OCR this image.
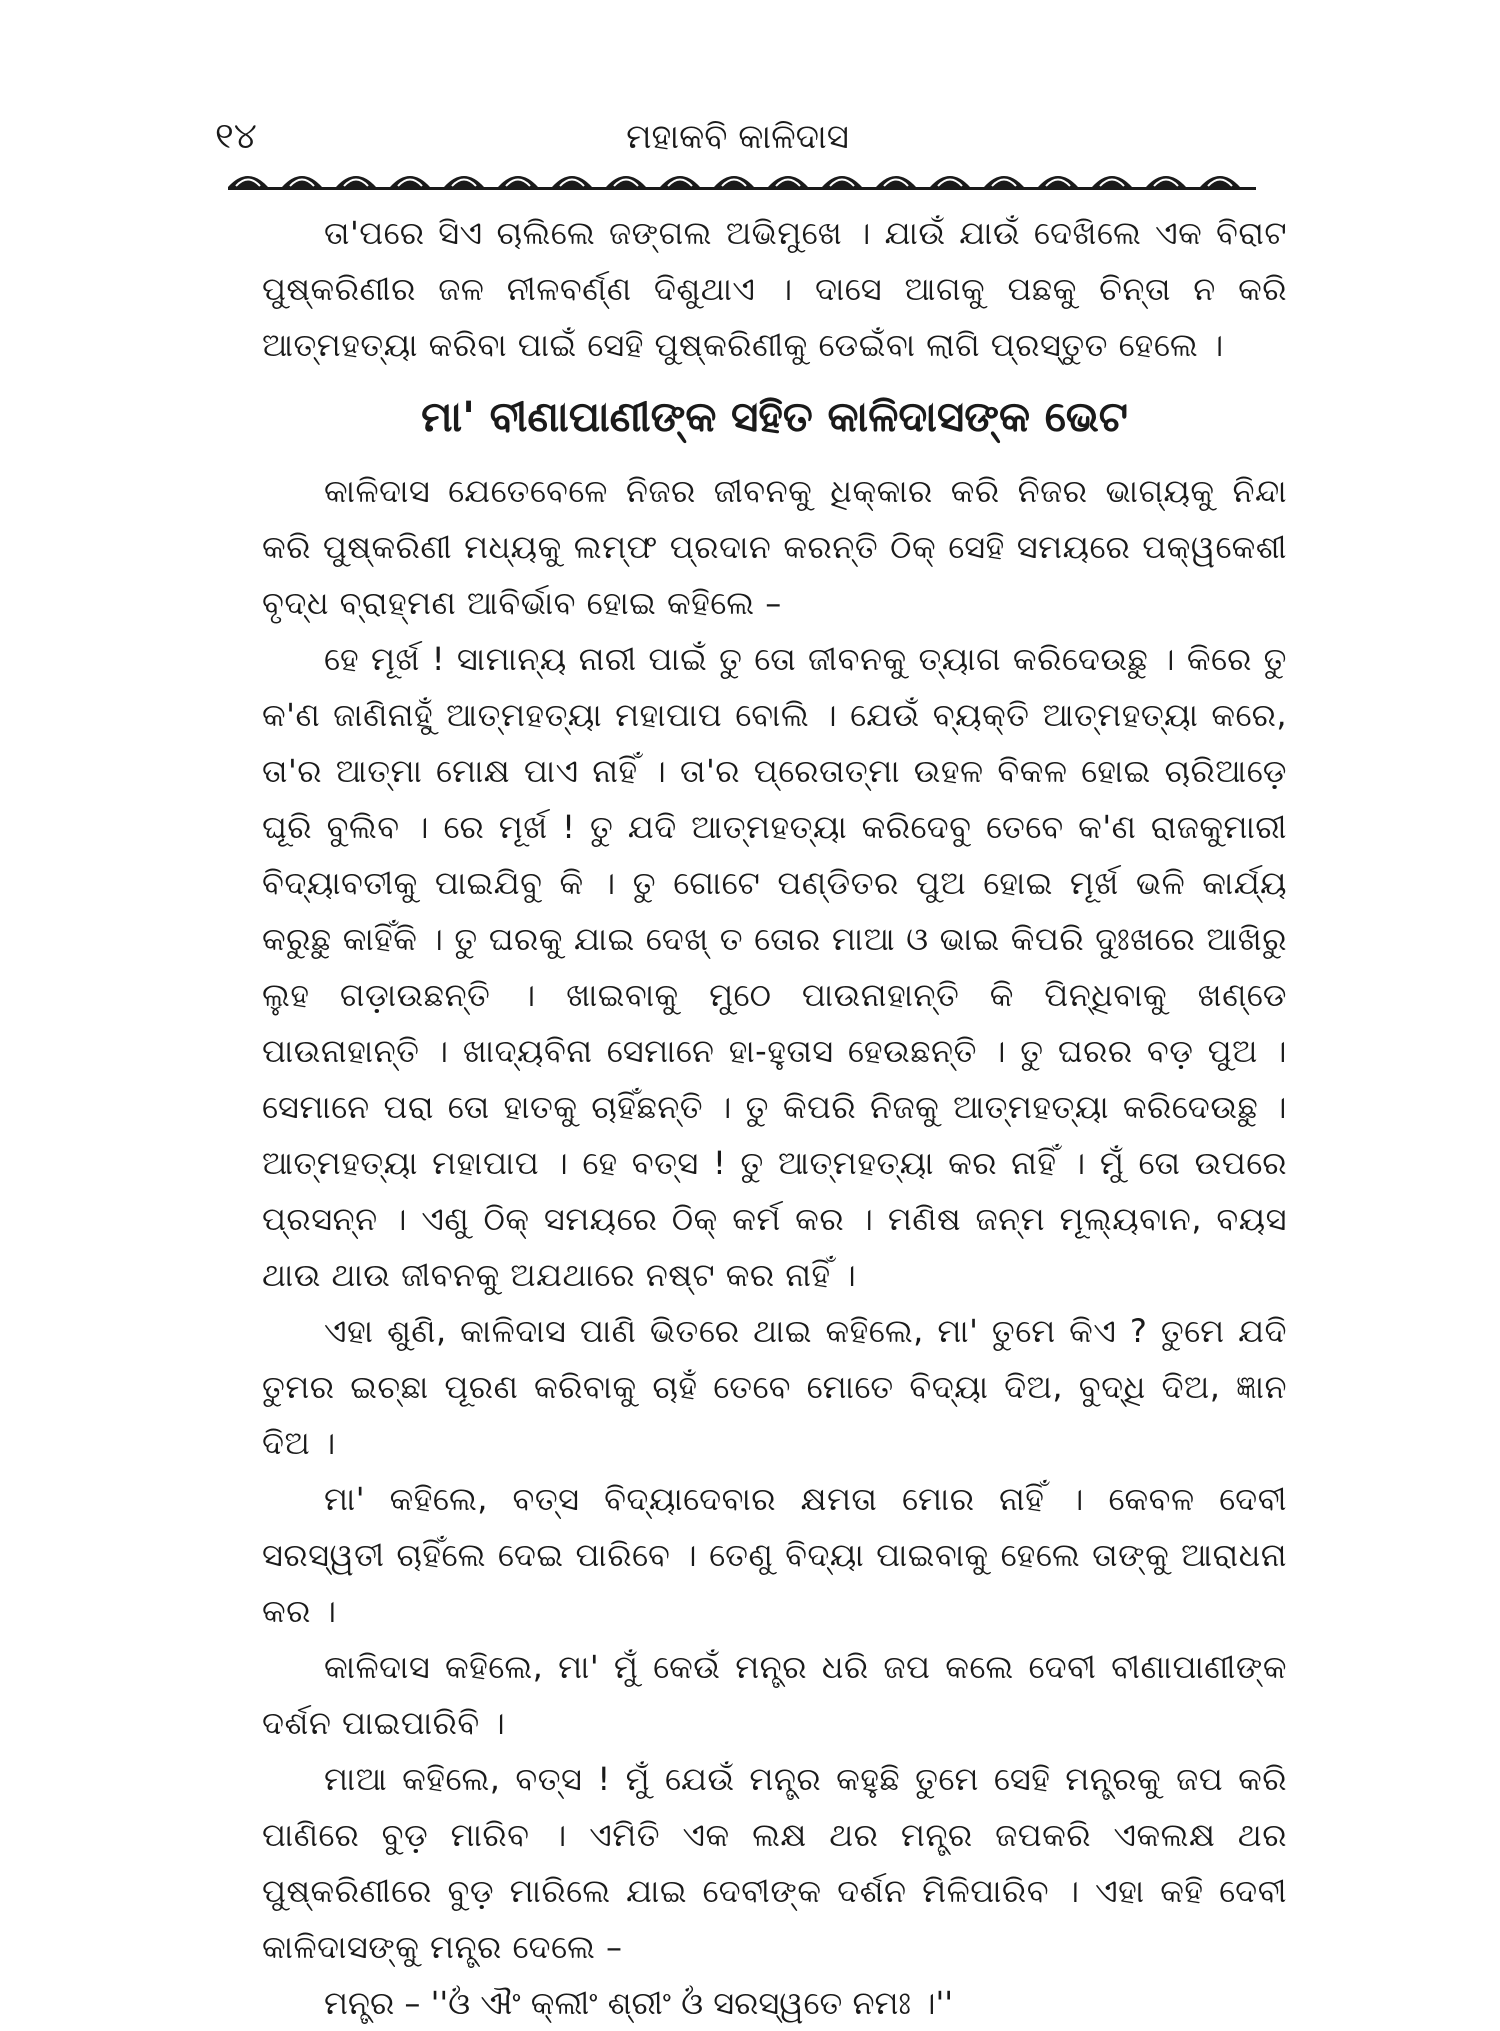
୧୪	ମହାକବି କାଳିଦାସ

ତା'ପରେ ସିଏ ଚାଲିଲେ ଜଙ୍ଗଲ ଅଭିମୁଖେ । ଯାଉଁ ଯାଉଁ ଦେଖିଲେ ଏକ ବିରାଟ ପୁଷ୍କରିଣୀର ଜଳ ନୀଳବର୍ଣ୍ଣ ଦିଶୁଥାଏ । ଦାସେ ଆଗକୁ ପଛକୁ ଚିନ୍ତା ନ କରି ଆତ୍ମହତ୍ୟା କରିବା ପାଇଁ ସେହି ପୁଷ୍କରିଣୀକୁ ଡେଇଁବା ଲାଗି ପ୍ରସ୍ତୁତ ହେଲେ ।

ମା' ବୀଣାପାଣୀଙ୍କ ସହିତ କାଳିଦାସଙ୍କ ଭେଟ

କାଳିଦାସ ଯେତେବେଳେ ନିଜର ଜୀବନକୁ ଧିକ୍କାର କରି ନିଜର ଭାଗ୍ୟକୁ ନିନ୍ଦା କରି ପୁଷ୍କରିଣୀ ମଧ୍ୟକୁ ଲମ୍ଫ ପ୍ରଦାନ କରନ୍ତି ଠିକ୍ ସେହି ସମୟରେ ପକ୍ୱକେଶୀ ବୃଦ୍ଧ ବ୍ରାହ୍ମଣ ଆବିର୍ଭାବ ହୋଇ କହିଲେ –

ହେ ମୂର୍ଖ ! ସାମାନ୍ୟ ନାରୀ ପାଇଁ ତୁ ତୋ ଜୀବନକୁ ତ୍ୟାଗ କରିଦେଉଛୁ । କିରେ ତୁ କ'ଣ ଜାଣିନାହୁଁ ଆତ୍ମହତ୍ୟା ମହାପାପ ବୋଲି । ଯେଉଁ ବ୍ୟକ୍ତି ଆତ୍ମହତ୍ୟା କରେ, ତା'ର ଆତ୍ମା ମୋକ୍ଷ ପାଏ ନାହିଁ । ତା'ର ପ୍ରେତାତ୍ମା ଉହଳ ବିକଳ ହୋଇ ଚାରିଆଡ଼େ ଘୂରି ବୁଲିବ । ରେ ମୂର୍ଖ ! ତୁ ଯଦି ଆତ୍ମହତ୍ୟା କରିଦେବୁ ତେବେ କ'ଣ ରାଜକୁମାରୀ ବିଦ୍ୟାବତୀକୁ ପାଇଯିବୁ କି । ତୁ ଗୋଟେ ପଣ୍ଡିତର ପୁଅ ହୋଇ ମୂର୍ଖ ଭଳି କାର୍ଯ୍ୟ କରୁଛୁ କାହିଁକି । ତୁ ଘରକୁ ଯାଇ ଦେଖ୍ ତ ତୋର ମାଆ ଓ ଭାଇ କିପରି ଦୁଃଖରେ ଆଖିରୁ ଲୁହ ଗଡ଼ାଉଛନ୍ତି । ଖାଇବାକୁ ମୁଠେ ପାଉନାହାନ୍ତି କି ପିନ୍ଧିବାକୁ ଖଣ୍ଡେ ପାଉନାହାନ୍ତି । ଖାଦ୍ୟବିନା ସେମାନେ ହା-ହୁତାସ ହେଉଛନ୍ତି । ତୁ ଘରର ବଡ଼ ପୁଅ । ସେମାନେ ପରା ତୋ ହାତକୁ ଚାହିଁଛନ୍ତି । ତୁ କିପରି ନିଜକୁ ଆତ୍ମହତ୍ୟା କରିଦେଉଛୁ । ଆତ୍ମହତ୍ୟା ମହାପାପ । ହେ ବତ୍ସ ! ତୁ ଆତ୍ମହତ୍ୟା କର ନାହିଁ । ମୁଁ ତୋ ଉପରେ ପ୍ରସନ୍ନ । ଏଣୁ ଠିକ୍ ସମୟରେ ଠିକ୍ କର୍ମ କର । ମଣିଷ ଜନ୍ମ ମୂଲ୍ୟବାନ, ବୟସ ଥାଉ ଥାଉ ଜୀବନକୁ ଅଯଥାରେ ନଷ୍ଟ କର ନାହିଁ ।

ଏହା ଶୁଣି, କାଳିଦାସ ପାଣି ଭିତରେ ଥାଇ କହିଲେ, ମା' ତୁମେ କିଏ ? ତୁମେ ଯଦି ତୁମର ଇଚ୍ଛା ପୂରଣ କରିବାକୁ ଚାହଁ ତେବେ ମୋତେ ବିଦ୍ୟା ଦିଅ, ବୁଦ୍ଧି ଦିଅ, ଜ୍ଞାନ ଦିଅ ।

ମା' କହିଲେ, ବତ୍ସ ବିଦ୍ୟାଦେବାର କ୍ଷମତା ମୋର ନାହିଁ । କେବଳ ଦେବୀ ସରସ୍ୱତୀ ଚାହିଁଲେ ଦେଇ ପାରିବେ । ତେଣୁ ବିଦ୍ୟା ପାଇବାକୁ ହେଲେ ତାଙ୍କୁ ଆରାଧନା କର ।

କାଳିଦାସ କହିଲେ, ମା' ମୁଁ କେଉଁ ମନ୍ତ୍ର ଧରି ଜପ କଲେ ଦେବୀ ବୀଣାପାଣୀଙ୍କ ଦର୍ଶନ ପାଇପାରିବି ।

ମାଆ କହିଲେ, ବତ୍ସ ! ମୁଁ ଯେଉଁ ମନ୍ତ୍ର କହୁଛି ତୁମେ ସେହି ମନ୍ତ୍ରକୁ ଜପ କରି ପାଣିରେ ବୁଡ଼ ମାରିବ । ଏମିତି ଏକ ଲକ୍ଷ ଥର ମନ୍ତ୍ର ଜପକରି ଏକଲକ୍ଷ ଥର ପୁଷ୍କରିଣୀରେ ବୁଡ଼ ମାରିଲେ ଯାଇ ଦେବୀଙ୍କ ଦର୍ଶନ ମିଳିପାରିବ । ଏହା କହି ଦେବୀ କାଳିଦାସଙ୍କୁ ମନ୍ତ୍ର ଦେଲେ –

ମନ୍ତ୍ର – ''ଓଁ ଐଂ କ୍ଲୀଂ ଶ୍ରୀଂ ଓଁ ସରସ୍ୱତେ ନମଃ ।''
